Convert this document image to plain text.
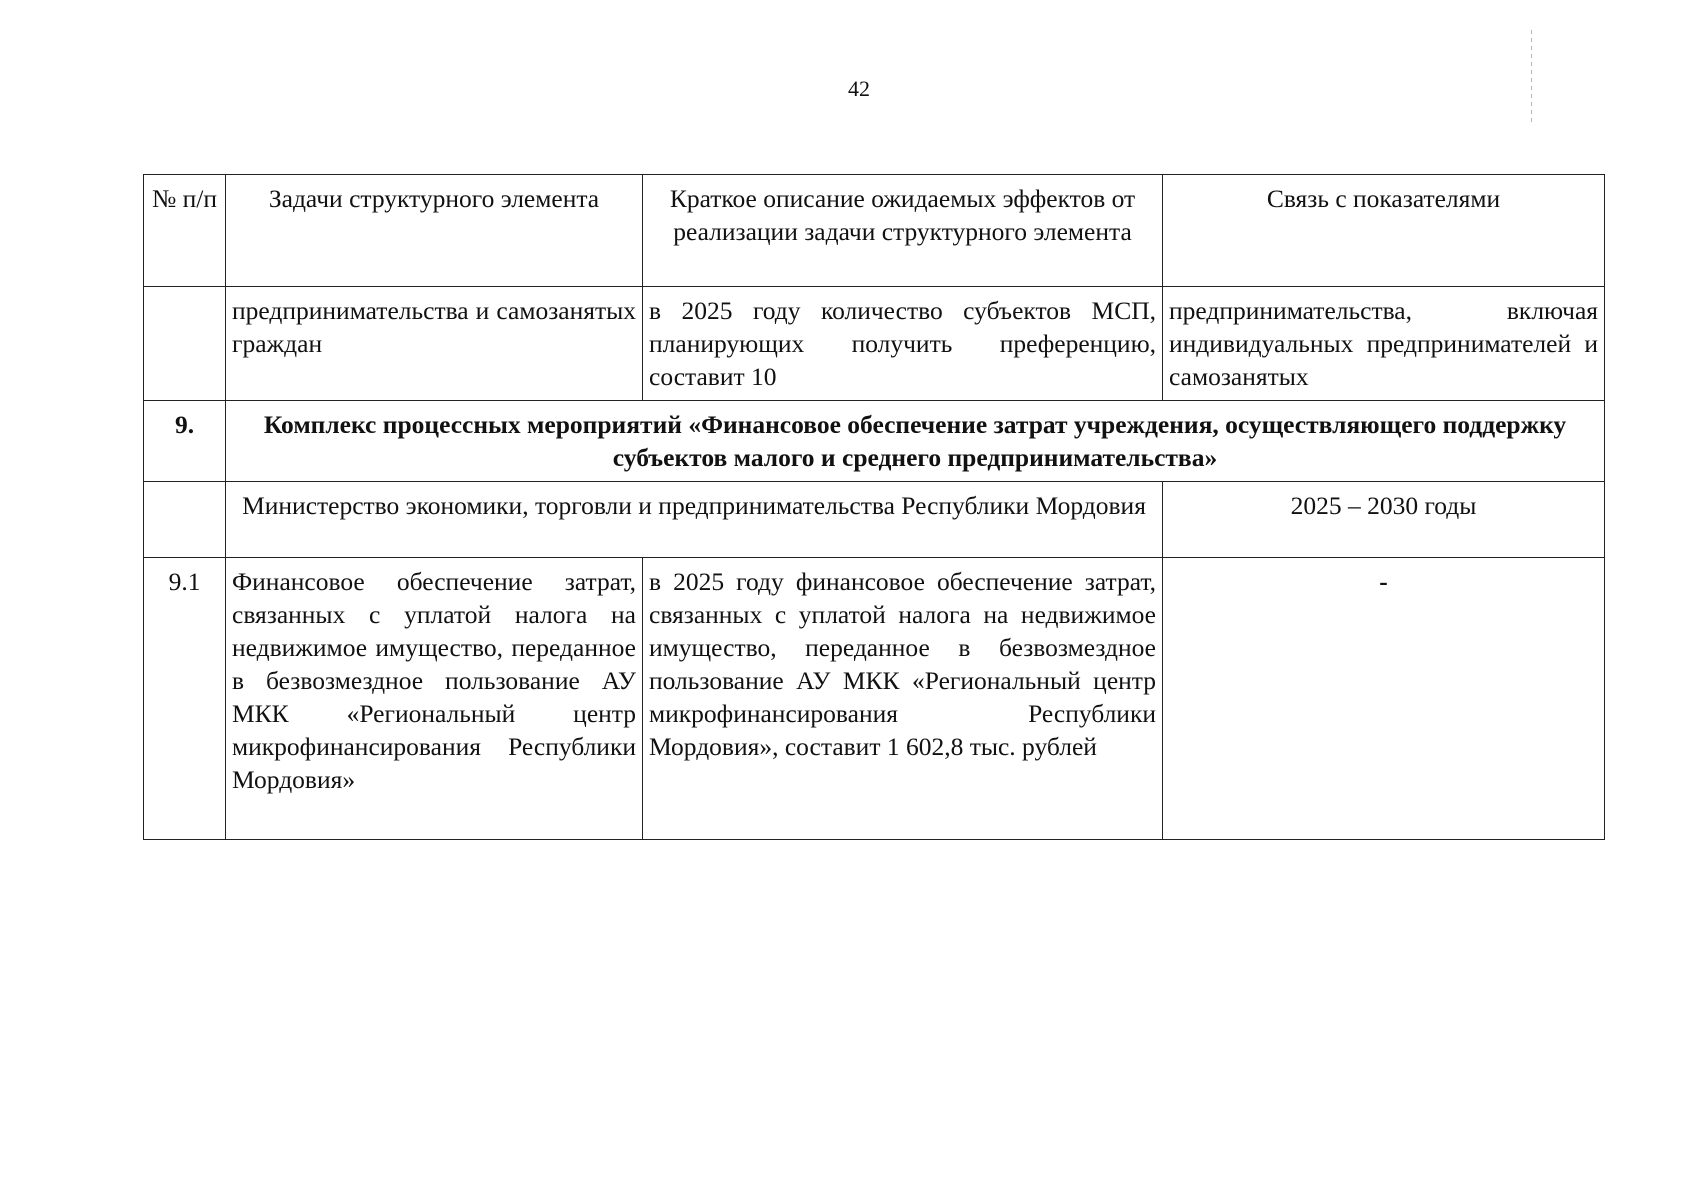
42
№ п/п	Задачи структурного элемента	Краткое описание ожидаемых эффектов от реализации задачи структурного элемента	Связь с показателями
	предпринимательства и самозанятых граждан	в 2025 году количество субъектов МСП, планирующих получить преференцию, составит 10	предпринимательства, включая индивидуальных предпринимателей и самозанятых
9.	Комплекс процессных мероприятий «Финансовое обеспечение затрат учреждения, осуществляющего поддержку субъектов малого и среднего предпринимательства»		
	Министерство экономики, торговли и предпринимательства Республики Мордовия		2025 – 2030 годы
9.1	Финансовое обеспечение затрат, связанных с уплатой налога на недвижимое имущество, переданное в безвозмездное пользование АУ МКК «Региональный центр микрофинансирования Республики Мордовия»	в 2025 году финансовое обеспечение затрат, связанных с уплатой налога на недвижимое имущество, переданное в безвозмездное пользование АУ МКК «Региональный центр микрофинансирования Республики Мордовия», составит 1 602,8 тыс. рублей	-
